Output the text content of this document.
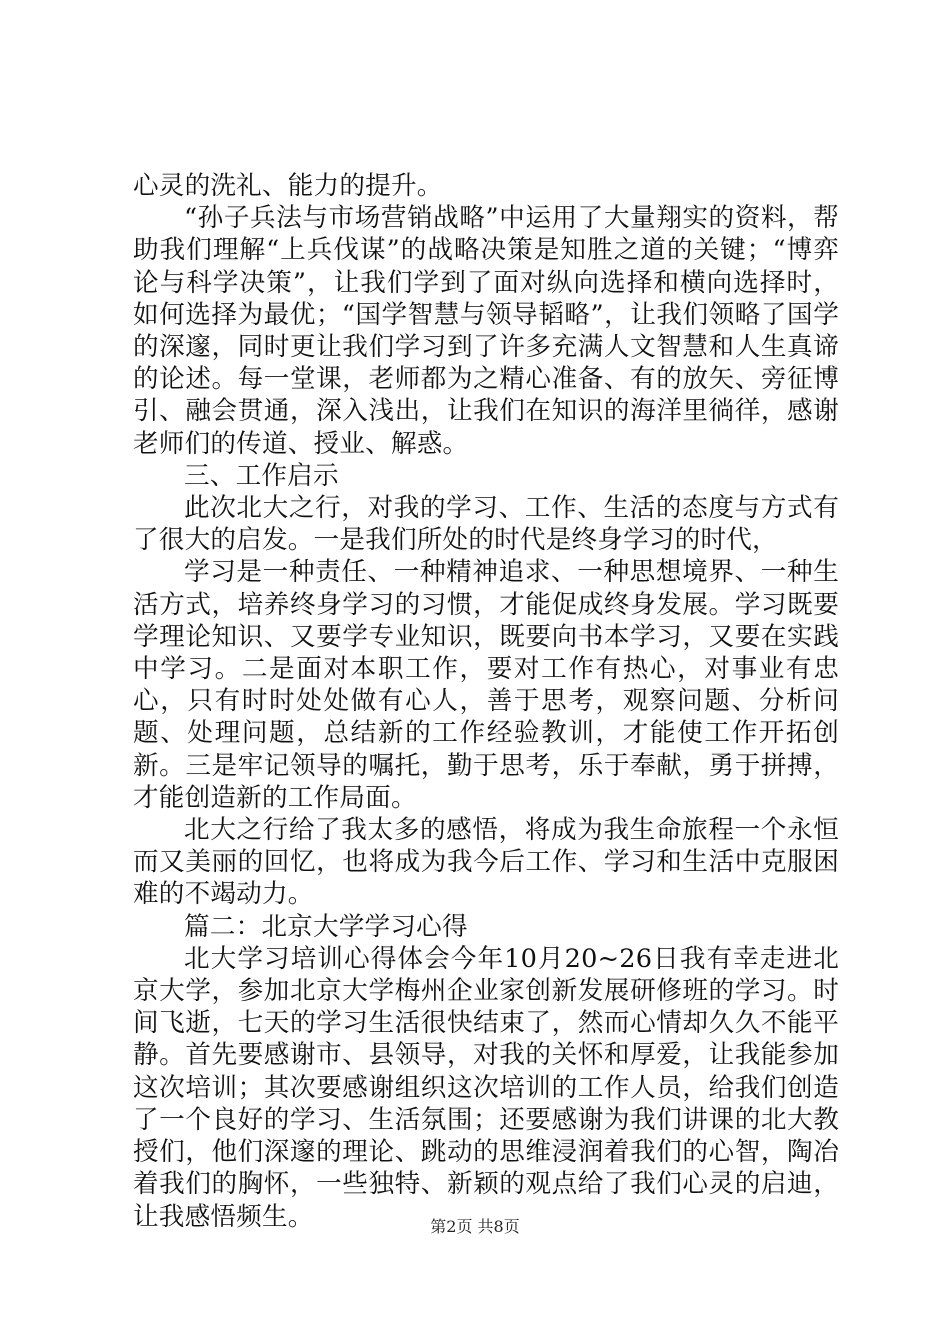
心灵的洗礼、能力的提升。

“孙子兵法与市场营销战略”中运用了大量翔实的资料，帮助我们理解“上兵伐谋”的战略决策是知胜之道的关键；“博弈论与科学决策”，让我们学到了面对纵向选择和横向选择时，如何选择为最优；“国学智慧与领导韬略”，让我们领略了国学的深邃，同时更让我们学习到了许多充满人文智慧和人生真谛的论述。每一堂课，老师都为之精心准备、有的放矢、旁征博引、融会贯通，深入浅出，让我们在知识的海洋里徜徉，感谢老师们的传道、授业、解惑。

三、工作启示

此次北大之行，对我的学习、工作、生活的态度与方式有了很大的启发。一是我们所处的时代是终身学习的时代，

学习是一种责任、一种精神追求、一种思想境界、一种生活方式，培养终身学习的习惯，才能促成终身发展。学习既要学理论知识、又要学专业知识，既要向书本学习，又要在实践中学习。二是面对本职工作，要对工作有热心，对事业有忠心，只有时时处处做有心人，善于思考，观察问题、分析问题、处理问题，总结新的工作经验教训，才能使工作开拓创新。三是牢记领导的嘱托，勤于思考，乐于奉献，勇于拼搏，才能创造新的工作局面。

北大之行给了我太多的感悟，将成为我生命旅程一个永恒而又美丽的回忆，也将成为我今后工作、学习和生活中克服困难的不竭动力。

篇二：北京大学学习心得

北大学习培训心得体会今年10月20~26日我有幸走进北京大学，参加北京大学梅州企业家创新发展研修班的学习。时间飞逝，七天的学习生活很快结束了，然而心情却久久不能平静。首先要感谢市、县领导，对我的关怀和厚爱，让我能参加这次培训；其次要感谢组织这次培训的工作人员，给我们创造了一个良好的学习、生活氛围；还要感谢为我们讲课的北大教授们，他们深邃的理论、跳动的思维浸润着我们的心智，陶冶着我们的胸怀，一些独特、新颖的观点给了我们心灵的启迪，让我感悟频生。	第2页 共8页
